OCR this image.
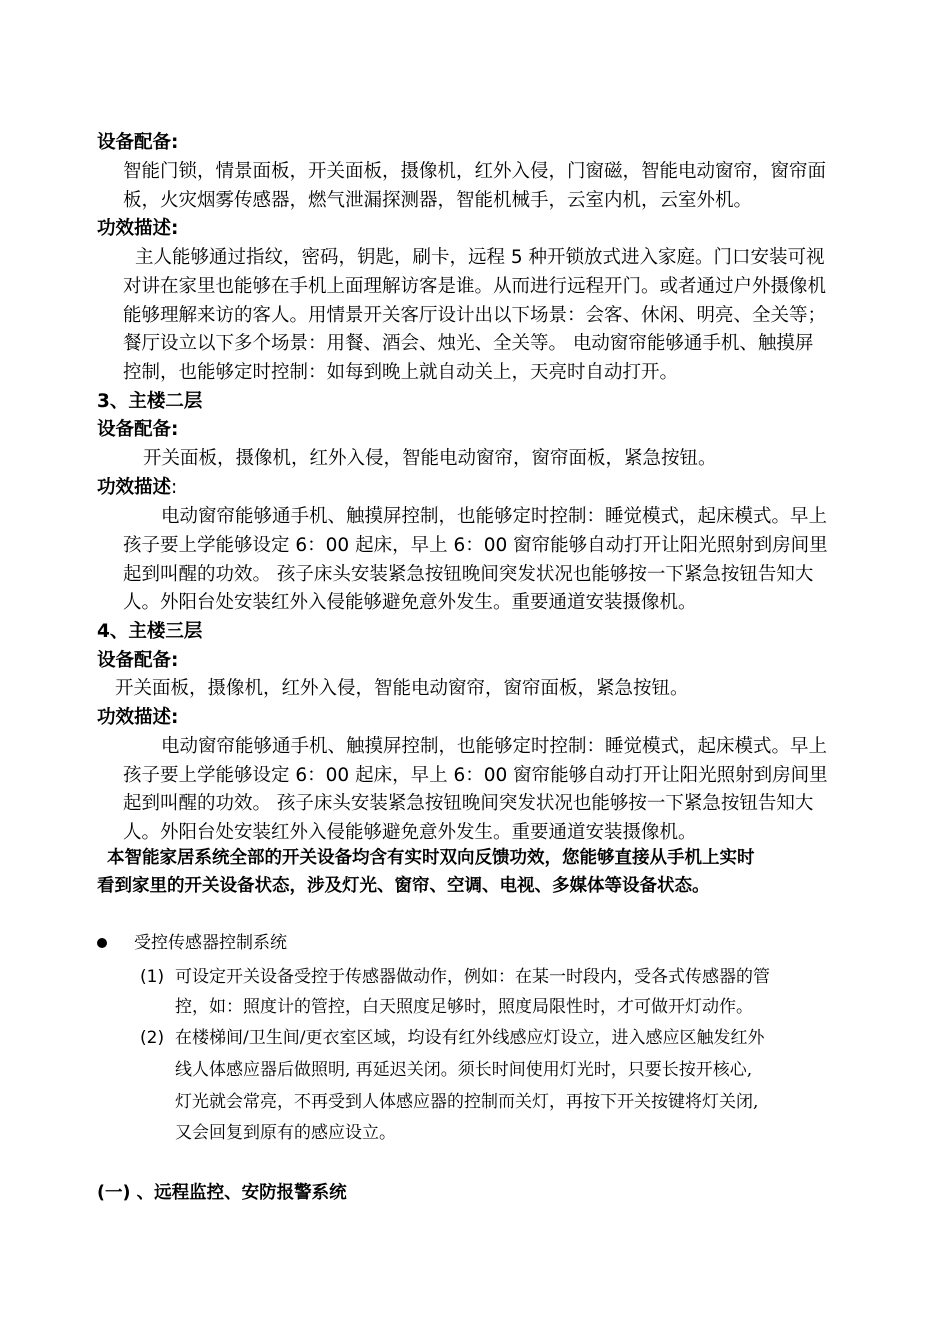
设备配备:
智能门锁，情景面板，开关面板，摄像机，红外入侵，门窗磁，智能电动窗帘，窗帘面
板，火灾烟雾传感器，燃气泄漏探测器，智能机械手，云室内机，云室外机。
功效描述:
主人能够通过指纹，密码，钥匙，刷卡，远程 5 种开锁放式进入家庭。门口安装可视
对讲在家里也能够在手机上面理解访客是谁。从而进行远程开门。或者通过户外摄像机
能够理解来访的客人。用情景开关客厅设计出以下场景：会客、休闲、明亮、全关等；
餐厅设立以下多个场景：用餐、酒会、烛光、全关等。 电动窗帘能够通手机、触摸屏
控制，也能够定时控制：如每到晚上就自动关上，天亮时自动打开。
3、主楼二层
设备配备:
开关面板，摄像机，红外入侵，智能电动窗帘，窗帘面板，紧急按钮。
功效描述:
电动窗帘能够通手机、触摸屏控制，也能够定时控制：睡觉模式，起床模式。早上
孩子要上学能够设定 6：00 起床，早上 6：00 窗帘能够自动打开让阳光照射到房间里
起到叫醒的功效。 孩子床头安装紧急按钮晚间突发状况也能够按一下紧急按钮告知大
人。外阳台处安装红外入侵能够避免意外发生。重要通道安装摄像机。
4、主楼三层
设备配备:
开关面板，摄像机，红外入侵，智能电动窗帘，窗帘面板，紧急按钮。
功效描述:
电动窗帘能够通手机、触摸屏控制，也能够定时控制：睡觉模式，起床模式。早上
孩子要上学能够设定 6：00 起床，早上 6：00 窗帘能够自动打开让阳光照射到房间里
起到叫醒的功效。 孩子床头安装紧急按钮晚间突发状况也能够按一下紧急按钮告知大
人。外阳台处安装红外入侵能够避免意外发生。重要通道安装摄像机。
本智能家居系统全部的开关设备均含有实时双向反馈功效，您能够直接从手机上实时
看到家里的开关设备状态，涉及灯光、窗帘、空调、电视、多媒体等设备状态。
受控传感器控制系统
(1) 可设定开关设备受控于传感器做动作，例如：在某一时段内，受各式传感器的管
控，如：照度计的管控，白天照度足够时，照度局限性时，才可做开灯动作。
(2) 在楼梯间/卫生间/更衣室区域，均设有红外线感应灯设立，进入感应区触发红外
线人体感应器后做照明, 再延迟关闭。须长时间使用灯光时，只要长按开核心,
灯光就会常亮，不再受到人体感应器的控制而关灯，再按下开关按键将灯关闭,
又会回复到原有的感应设立。
(一) 、远程监控、安防报警系统
